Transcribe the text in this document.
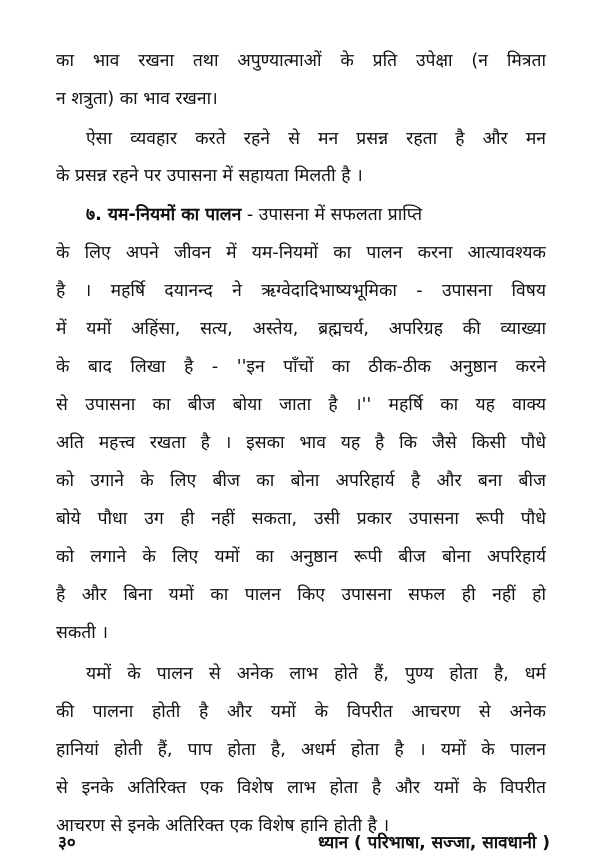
का भाव रखना तथा अपुण्यात्माओं के प्रति उपेक्षा (न मित्रता
न शत्रुता) का भाव रखना।
ऐसा व्यवहार करते रहने से मन प्रसन्न रहता है और मन
के प्रसन्न रहने पर उपासना में सहायता मिलती है ।
७. यम-नियमों का पालन - उपासना में सफलता प्राप्ति
के लिए अपने जीवन में यम-नियमों का पालन करना आत्यावश्यक
है । महर्षि दयानन्द ने ऋग्वेदादिभाष्यभूमिका - उपासना विषय
में यमों अहिंसा, सत्य, अस्तेय, ब्रह्मचर्य, अपरिग्रह की व्याख्या
के बाद लिखा है - ''इन पाँचों का ठीक-ठीक अनुष्ठान करने
से उपासना का बीज बोया जाता है ।'' महर्षि का यह वाक्य
अति महत्त्व रखता है । इसका भाव यह है कि जैसे किसी पौधे
को उगाने के लिए बीज का बोना अपरिहार्य है और बना बीज
बोये पौधा उग ही नहीं सकता, उसी प्रकार उपासना रूपी पौधे
को लगाने के लिए यमों का अनुष्ठान रूपी बीज बोना अपरिहार्य
है और बिना यमों का पालन किए उपासना सफल ही नहीं हो
सकती ।
यमों के पालन से अनेक लाभ होते हैं, पुण्य होता है, धर्म
की पालना होती है और यमों के विपरीत आचरण से अनेक
हानियां होती हैं, पाप होता है, अधर्म होता है । यमों के पालन
से इनके अतिरिक्त एक विशेष लाभ होता है और यमों के विपरीत
आचरण से इनके अतिरिक्त एक विशेष हानि होती है ।
३०	ध्यान ( परिभाषा, सज्जा, सावधानी )
